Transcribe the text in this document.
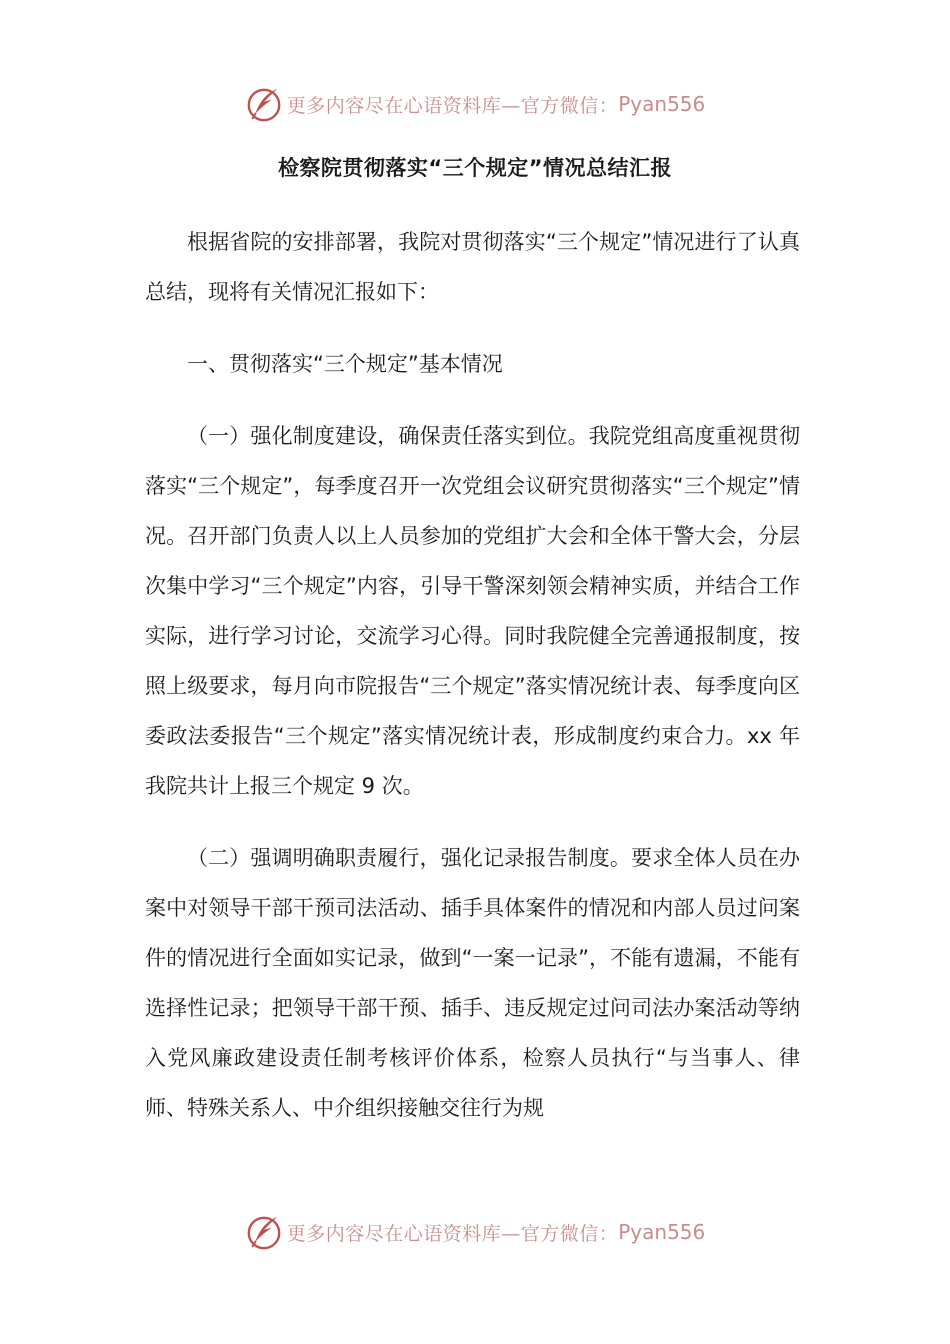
更多内容尽在心语资料库—官方微信： Pyan556
检察院贯彻落实“三个规定”情况总结汇报

根据省院的安排部署，我院对贯彻落实“三个规定”情况进行了认真总结，现将有关情况汇报如下：

一、贯彻落实“三个规定”基本情况

（一）强化制度建设，确保责任落实到位。我院党组高度重视贯彻落实“三个规定”，每季度召开一次党组会议研究贯彻落实“三个规定”情况。召开部门负责人以上人员参加的党组扩大会和全体干警大会，分层次集中学习“三个规定”内容，引导干警深刻领会精神实质，并结合工作实际，进行学习讨论，交流学习心得。同时我院健全完善通报制度，按照上级要求，每月向市院报告“三个规定”落实情况统计表、每季度向区委政法委报告“三个规定”落实情况统计表，形成制度约束合力。xx 年我院共计上报三个规定 9 次。

（二）强调明确职责履行，强化记录报告制度。要求全体人员在办案中对领导干部干预司法活动、插手具体案件的情况和内部人员过问案件的情况进行全面如实记录，做到“一案一记录”，不能有遗漏，不能有选择性记录；把领导干部干预、插手、违反规定过问司法办案活动等纳入党风廉政建设责任制考核评价体系，检察人员执行“与当事人、律师、特殊关系人、中介组织接触交往行为规

更多内容尽在心语资料库—官方微信： Pyan556
